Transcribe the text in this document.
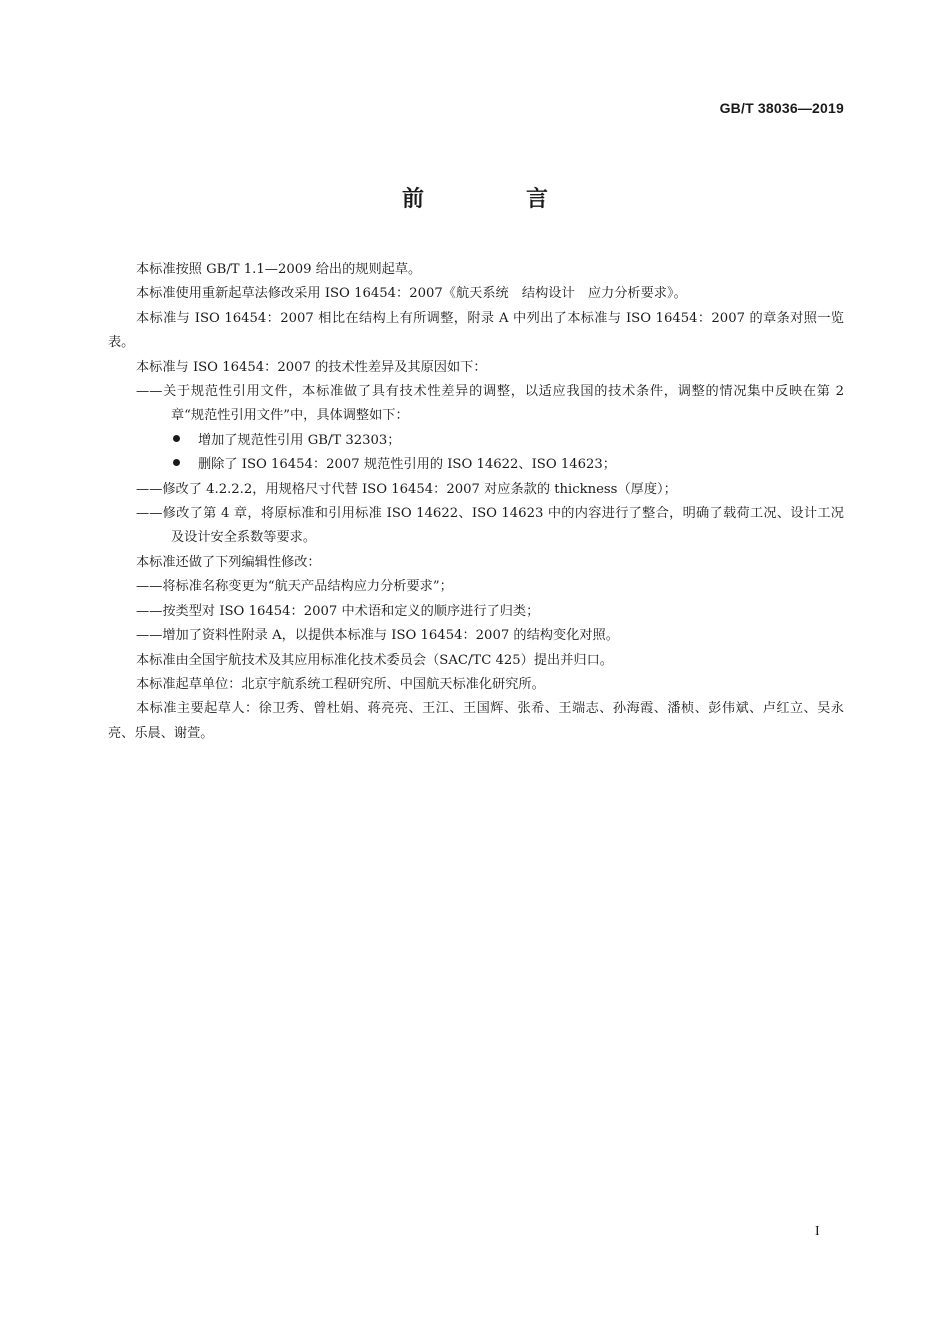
GB/T 38036—2019
前　言

本标准按照 GB/T 1.1—2009 给出的规则起草。

本标准使用重新起草法修改采用 ISO 16454：2007《航天系统　结构设计　应力分析要求》。

本标准与 ISO 16454：2007 相比在结构上有所调整，附录 A 中列出了本标准与 ISO 16454：2007 的章条对照一览表。

本标准与 ISO 16454：2007 的技术性差异及其原因如下：

——关于规范性引用文件，本标准做了具有技术性差异的调整，以适应我国的技术条件，调整的情况集中反映在第 2 章“规范性引用文件”中，具体调整如下：

增加了规范性引用 GB/T 32303；

删除了 ISO 16454：2007 规范性引用的 ISO 14622、ISO 14623；

——修改了 4.2.2.2，用规格尺寸代替 ISO 16454：2007 对应条款的 thickness（厚度）；

——修改了第 4 章，将原标准和引用标准 ISO 14622、ISO 14623 中的内容进行了整合，明确了载荷工况、设计工况及设计安全系数等要求。

本标准还做了下列编辑性修改：

——将标准名称变更为“航天产品结构应力分析要求”；

——按类型对 ISO 16454：2007 中术语和定义的顺序进行了归类；

——增加了资料性附录 A，以提供本标准与 ISO 16454：2007 的结构变化对照。

本标准由全国宇航技术及其应用标准化技术委员会（SAC/TC 425）提出并归口。

本标准起草单位：北京宇航系统工程研究所、中国航天标准化研究所。

本标准主要起草人：徐卫秀、曾杜娟、蒋亮亮、王江、王国辉、张希、王端志、孙海霞、潘桢、彭伟斌、卢红立、吴永亮、乐晨、谢萱。

I
